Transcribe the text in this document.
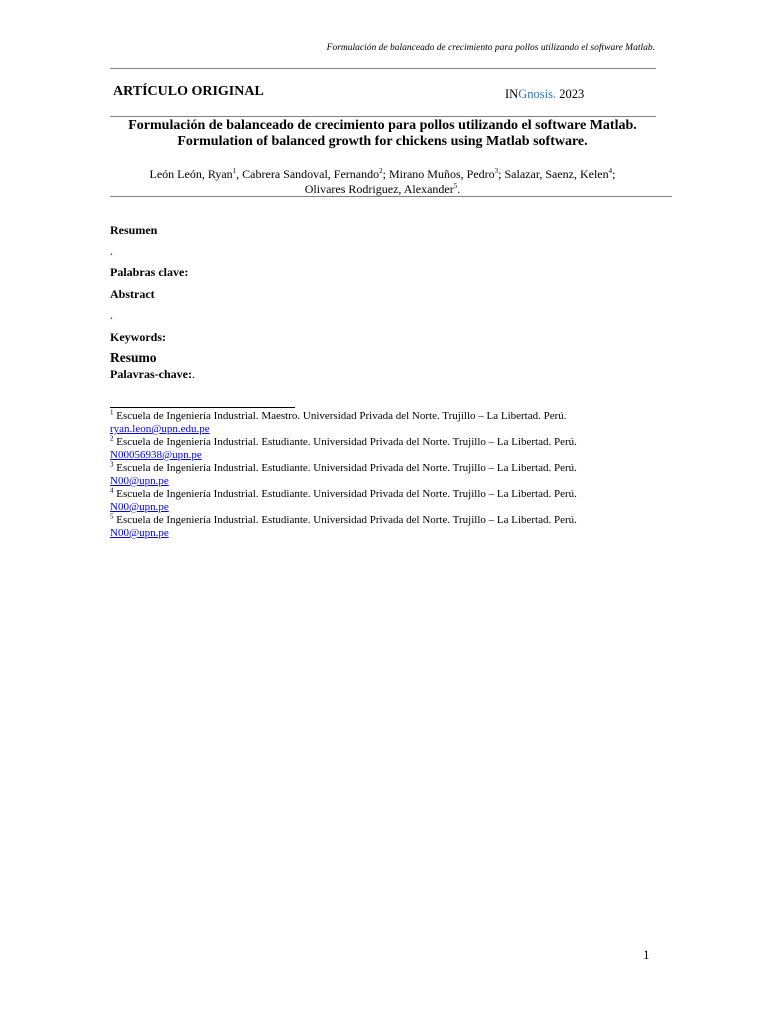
Formulación de balanceado de crecimiento para pollos utilizando el software Matlab.
ARTÍCULO ORIGINAL	INGnosis. 2023
Formulación de balanceado de crecimiento para pollos utilizando el software Matlab.
Formulation of balanced growth for chickens using Matlab software.
León León, Ryan$^1$, Cabrera Sandoval, Fernando$^2$; Mirano Muños, Pedro$^3$; Salazar, Saenz, Kelen$^4$;
Olivares Rodriguez, Alexander$^5$.
Resumen
.
Palabras clave:
Abstract
.
Keywords:
Resumo
Palavras-chave:.
$^1$ Escuela de Ingeniería Industrial. Maestro. Universidad Privada del Norte. Trujillo – La Libertad. Perú.
ryan.leon@upn.edu.pe
$^2$ Escuela de Ingeniería Industrial. Estudiante. Universidad Privada del Norte. Trujillo – La Libertad. Perú.
N00056938@upn.pe
$^3$ Escuela de Ingeniería Industrial. Estudiante. Universidad Privada del Norte. Trujillo – La Libertad. Perú.
N00@upn.pe
$^4$ Escuela de Ingeniería Industrial. Estudiante. Universidad Privada del Norte. Trujillo – La Libertad. Perú.
N00@upn.pe
$^5$ Escuela de Ingeniería Industrial. Estudiante. Universidad Privada del Norte. Trujillo – La Libertad. Perú.
N00@upn.pe
1
